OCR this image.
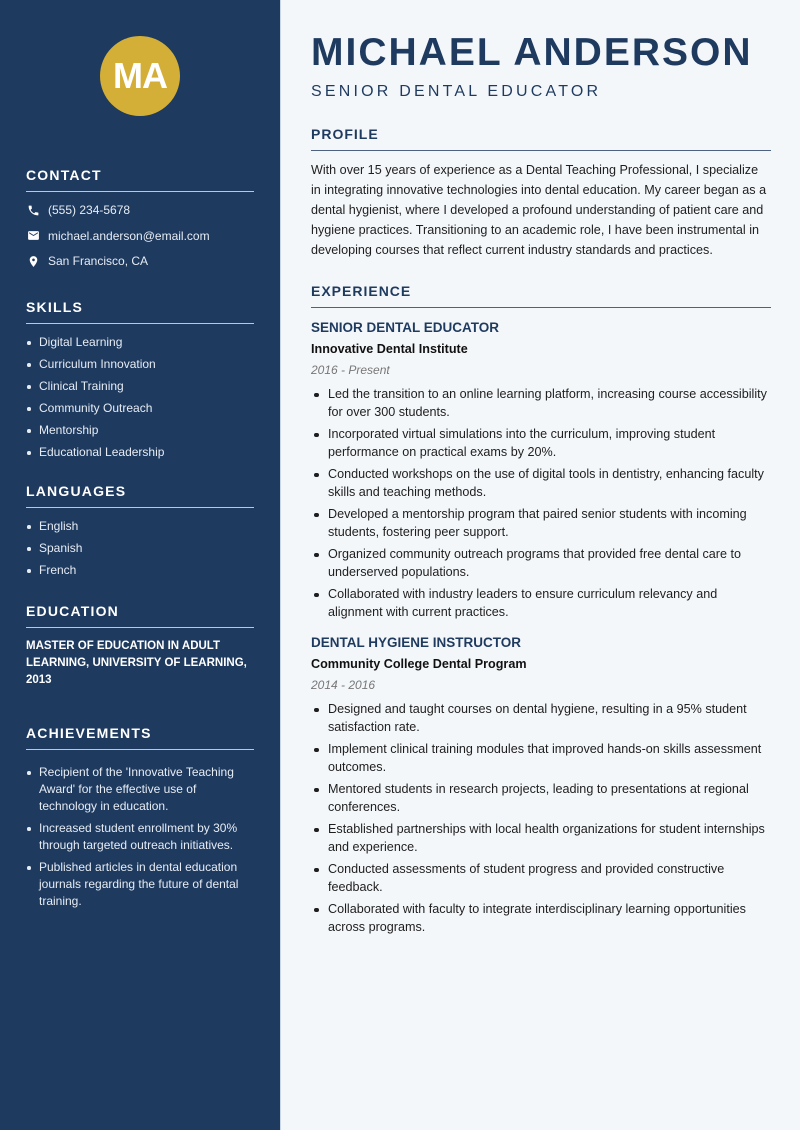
MA
CONTACT
(555) 234-5678
michael.anderson@email.com
San Francisco, CA
SKILLS
Digital Learning
Curriculum Innovation
Clinical Training
Community Outreach
Mentorship
Educational Leadership
LANGUAGES
English
Spanish
French
EDUCATION

MASTER OF EDUCATION IN ADULT LEARNING, UNIVERSITY OF LEARNING, 2013

ACHIEVEMENTS
Recipient of the 'Innovative Teaching Award' for the effective use of technology in education.
Increased student enrollment by 30% through targeted outreach initiatives.
Published articles in dental education journals regarding the future of dental training.
MICHAEL ANDERSON
SENIOR DENTAL EDUCATOR
PROFILE

With over 15 years of experience as a Dental Teaching Professional, I specialize in integrating innovative technologies into dental education. My career began as a dental hygienist, where I developed a profound understanding of patient care and hygiene practices. Transitioning to an academic role, I have been instrumental in developing courses that reflect current industry standards and practices.

EXPERIENCE
SENIOR DENTAL EDUCATOR
Innovative Dental Institute
2016 - Present
Led the transition to an online learning platform, increasing course accessibility for over 300 students.
Incorporated virtual simulations into the curriculum, improving student performance on practical exams by 20%.
Conducted workshops on the use of digital tools in dentistry, enhancing faculty skills and teaching methods.
Developed a mentorship program that paired senior students with incoming students, fostering peer support.
Organized community outreach programs that provided free dental care to underserved populations.
Collaborated with industry leaders to ensure curriculum relevancy and alignment with current practices.
DENTAL HYGIENE INSTRUCTOR
Community College Dental Program
2014 - 2016
Designed and taught courses on dental hygiene, resulting in a 95% student satisfaction rate.
Implement clinical training modules that improved hands-on skills assessment outcomes.
Mentored students in research projects, leading to presentations at regional conferences.
Established partnerships with local health organizations for student internships and experience.
Conducted assessments of student progress and provided constructive feedback.
Collaborated with faculty to integrate interdisciplinary learning opportunities across programs.
